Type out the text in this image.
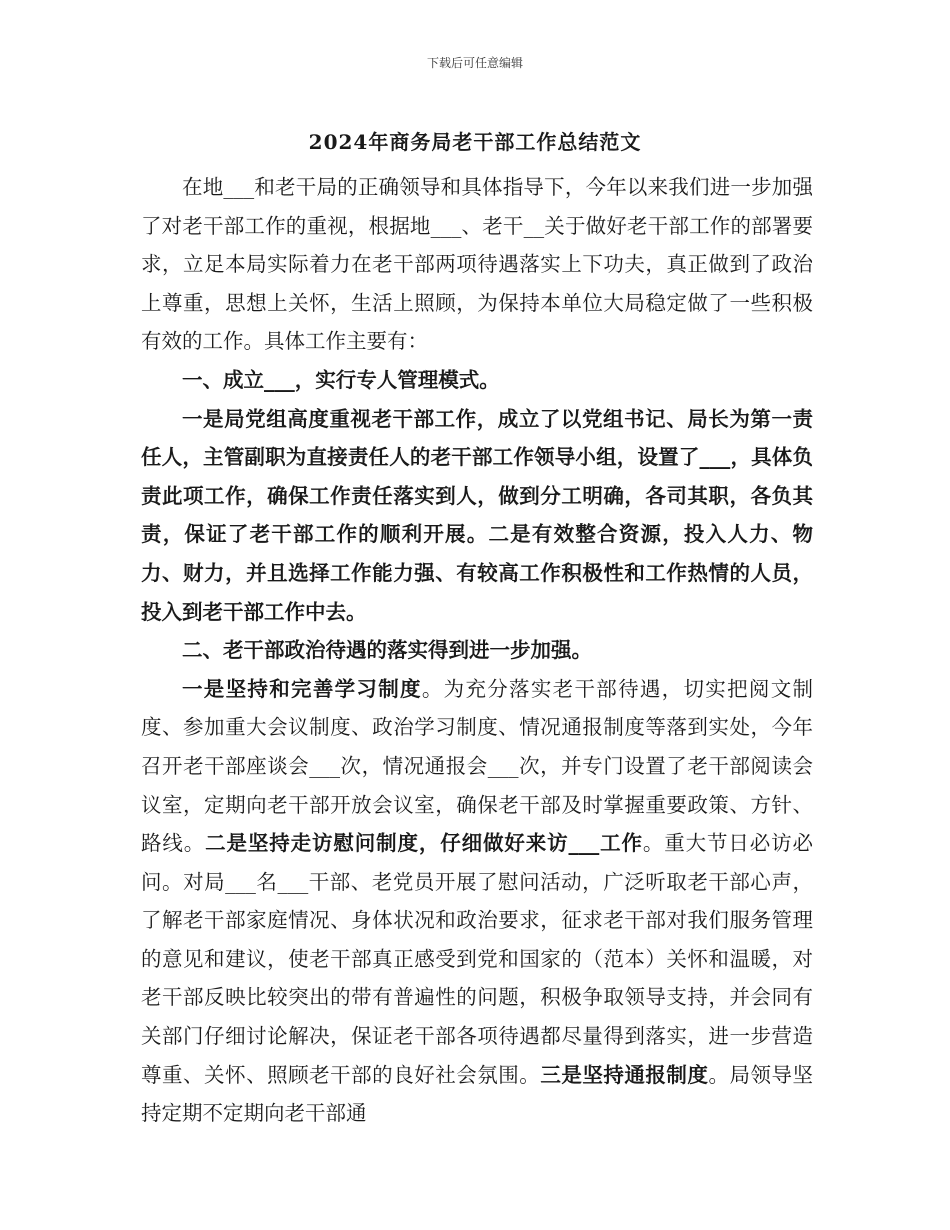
下载后可任意编辑
2024年商务局老干部工作总结范文

在地___和老干局的正确领导和具体指导下，今年以来我们进一步加强了对老干部工作的重视，根据地___、老干__关于做好老干部工作的部署要求，立足本局实际着力在老干部两项待遇落实上下功夫，真正做到了政治上尊重，思想上关怀，生活上照顾，为保持本单位大局稳定做了一些积极有效的工作。具体工作主要有：

一、成立___，实行专人管理模式。

一是局党组高度重视老干部工作，成立了以党组书记、局长为第一责任人，主管副职为直接责任人的老干部工作领导小组，设置了___，具体负责此项工作，确保工作责任落实到人，做到分工明确，各司其职，各负其责，保证了老干部工作的顺利开展。二是有效整合资源，投入人力、物力、财力，并且选择工作能力强、有较高工作积极性和工作热情的人员，投入到老干部工作中去。

二、老干部政治待遇的落实得到进一步加强。

一是坚持和完善学习制度。为充分落实老干部待遇，切实把阅文制度、参加重大会议制度、政治学习制度、情况通报制度等落到实处，今年召开老干部座谈会___次，情况通报会___次，并专门设置了老干部阅读会议室，定期向老干部开放会议室，确保老干部及时掌握重要政策、方针、路线。二是坚持走访慰问制度，仔细做好来访___工作。重大节日必访必问。对局___名___干部、老党员开展了慰问活动，广泛听取老干部心声，了解老干部家庭情况、身体状况和政治要求，征求老干部对我们服务管理的意见和建议，使老干部真正感受到党和国家的（范本）关怀和温暖，对老干部反映比较突出的带有普遍性的问题，积极争取领导支持，并会同有关部门仔细讨论解决，保证老干部各项待遇都尽量得到落实，进一步营造尊重、关怀、照顾老干部的良好社会氛围。三是坚持通报制度。局领导坚持定期不定期向老干部通
